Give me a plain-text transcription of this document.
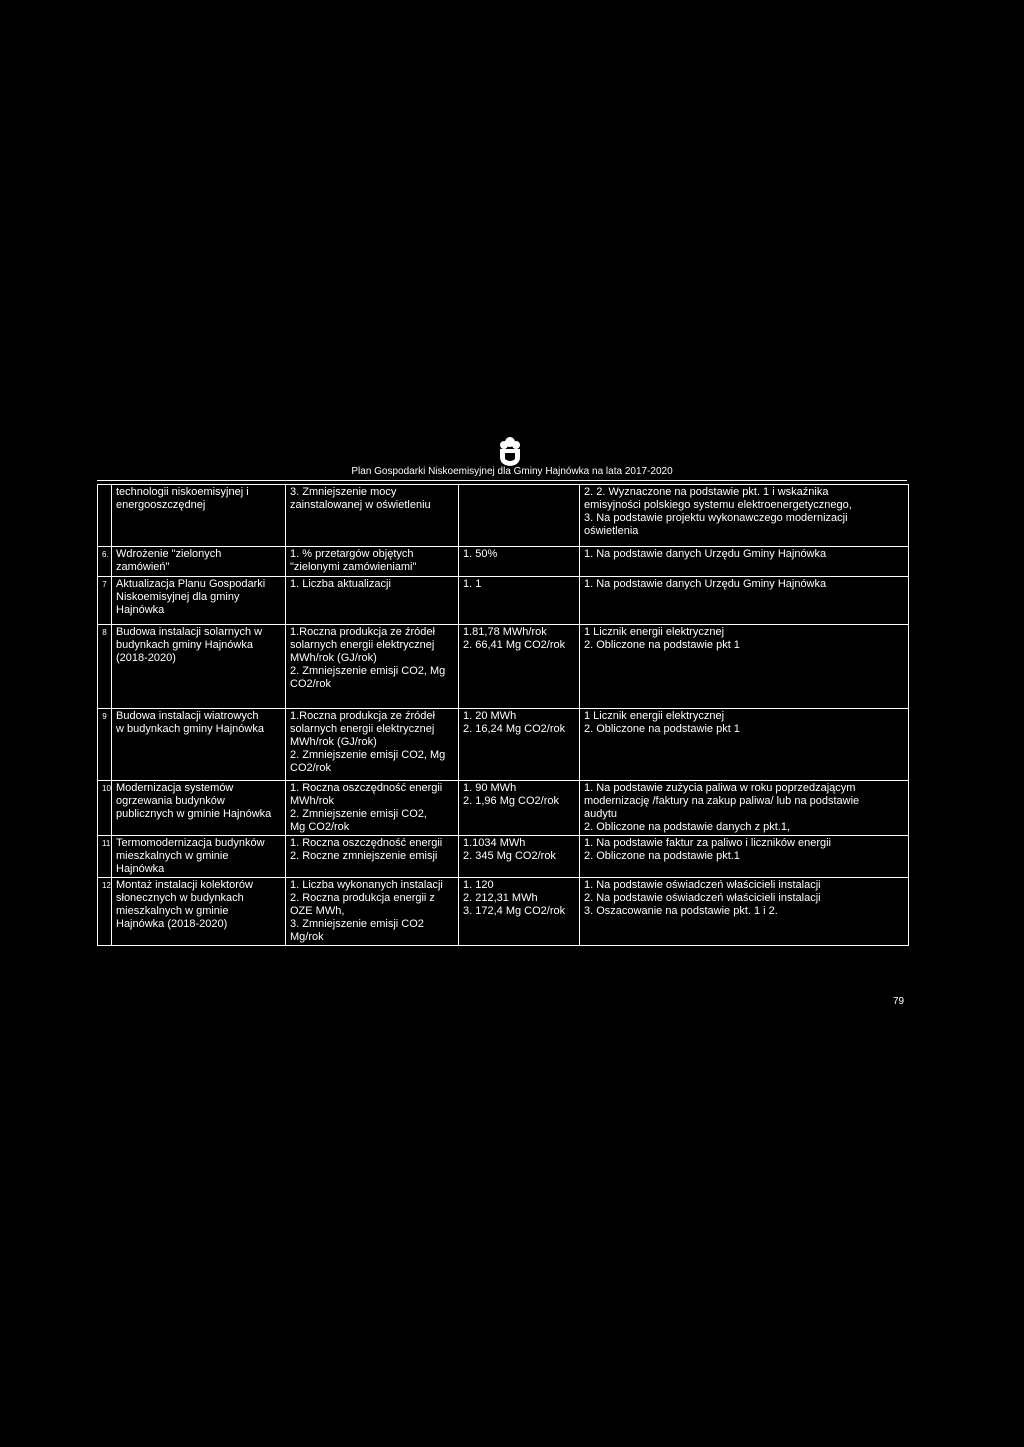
Plan Gospodarki Niskoemisyjnej dla Gminy Hajnówka na lata 2017-2020

	technologii niskoemisyjnej i
energooszczędnej	3. Zmniejszenie mocy
zainstalowanej w oświetleniu		2. 2. Wyznaczone na podstawie pkt. 1 i wskaźnika
emisyjności polskiego systemu elektroenergetycznego,
3. Na podstawie projektu wykonawczego modernizacji
oświetlenia

6.	Wdrożenie "zielonych
zamówień"	1. % przetargów objętych
"zielonymi zamówieniami"	1. 50%	1. Na podstawie danych Urzędu Gminy Hajnówka

7	Aktualizacja Planu Gospodarki
Niskoemisyjnej dla gminy
Hajnówka	1. Liczba aktualizacji	1. 1	1. Na podstawie danych Urzędu Gminy Hajnówka

8	Budowa instalacji solarnych w
budynkach gminy Hajnówka
(2018-2020)	1.Roczna produkcja ze źródeł
solarnych energii elektrycznej
MWh/rok (GJ/rok)
2. Zmniejszenie emisji CO2, Mg
CO2/rok	1.81,78 MWh/rok
2. 66,41 Mg CO2/rok	1 Licznik energii elektrycznej
2. Obliczone na podstawie pkt 1

9	Budowa instalacji wiatrowych
w budynkach gminy Hajnówka	1.Roczna produkcja ze źródeł
solarnych energii elektrycznej
MWh/rok (GJ/rok)
2. Zmniejszenie emisji CO2, Mg
CO2/rok	1. 20 MWh
2. 16,24 Mg CO2/rok	1 Licznik energii elektrycznej
2. Obliczone na podstawie pkt 1

10	Modernizacja systemów
ogrzewania budynków
publicznych w gminie Hajnówka	1. Roczna oszczędność energii
MWh/rok
2. Zmniejszenie emisji CO2,
Mg CO2/rok	1. 90 MWh
2. 1,96 Mg CO2/rok	1. Na podstawie zużycia paliwa w roku poprzedzającym
modernizację /faktury na zakup paliwa/ lub na podstawie
audytu
2. Obliczone na podstawie danych z pkt.1,

11	Termomodernizacja budynków
mieszkalnych w gminie
Hajnówka	1. Roczna oszczędność energii
2. Roczne zmniejszenie emisji	1.1034 MWh
2. 345 Mg CO2/rok	1. Na podstawie faktur za paliwo i liczników energii
2. Obliczone na podstawie pkt.1

12	Montaż instalacji kolektorów
słonecznych w budynkach
mieszkalnych w gminie
Hajnówka (2018-2020)	1. Liczba wykonanych instalacji
2. Roczna produkcja energii z
OZE MWh,
3. Zmniejszenie emisji CO2
Mg/rok	1. 120
2. 212,31 MWh
3. 172,4 Mg CO2/rok	1. Na podstawie oświadczeń właścicieli instalacji
2. Na podstawie oświadczeń właścicieli instalacji
3. Oszacowanie na podstawie pkt. 1 i 2.
79
